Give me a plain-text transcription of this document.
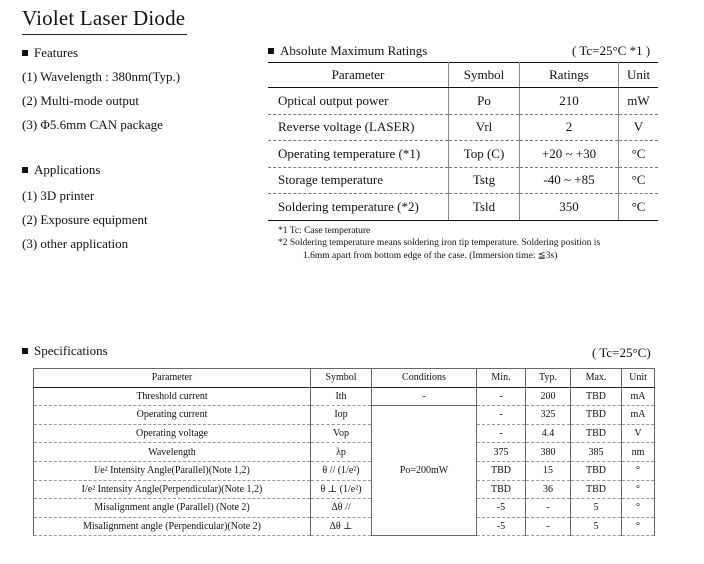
Violet Laser Diode
Features
(1) Wavelength : 380nm(Typ.)
(2) Multi-mode output
(3) Φ5.6mm CAN package
Applications
(1) 3D printer
(2) Exposure equipment
(3) other application
Absolute Maximum Ratings	( Tc=25°C *1 )
Parameter	Symbol	Ratings	Unit
Optical output power	Po	210	mW
Reverse voltage (LASER)	Vrl	2	V
Operating temperature (*1)	Top (C)	+20 ~ +30	°C
Storage temperature	Tstg	-40 ~ +85	°C
Soldering temperature (*2)	Tsld	350	°C
*1 Tc: Case temperature
*2 Soldering temperature means soldering iron tip temperature. Soldering position is
1.6mm apart from bottom edge of the case. (Immersion time: ≦3s)
Specifications	( Tc=25°C)
Parameter	Symbol	Conditions	Min.	Typ.	Max.	Unit
Threshold current	Ith	-	-	200	TBD	mA
Operating current	Iop	Po=200mW	-	325	TBD	mA
Operating voltage	Vop		-	4.4	TBD	V
Wavelength	λp		375	380	385	nm
I/e² Intensity Angle(Parallel)(Note 1,2)	θ // (1/e²)		TBD	15	TBD	°
I/e² Intensity Angle(Perpendicular)(Note 1,2)	θ ⊥ (1/e²)		TBD	36	TBD	°
Misalignment angle (Parallel) (Note 2)	Δθ //		-5	-	5	°
Misalignment angle (Perpendicular)(Note 2)	Δθ ⊥		-5	-	5	°
